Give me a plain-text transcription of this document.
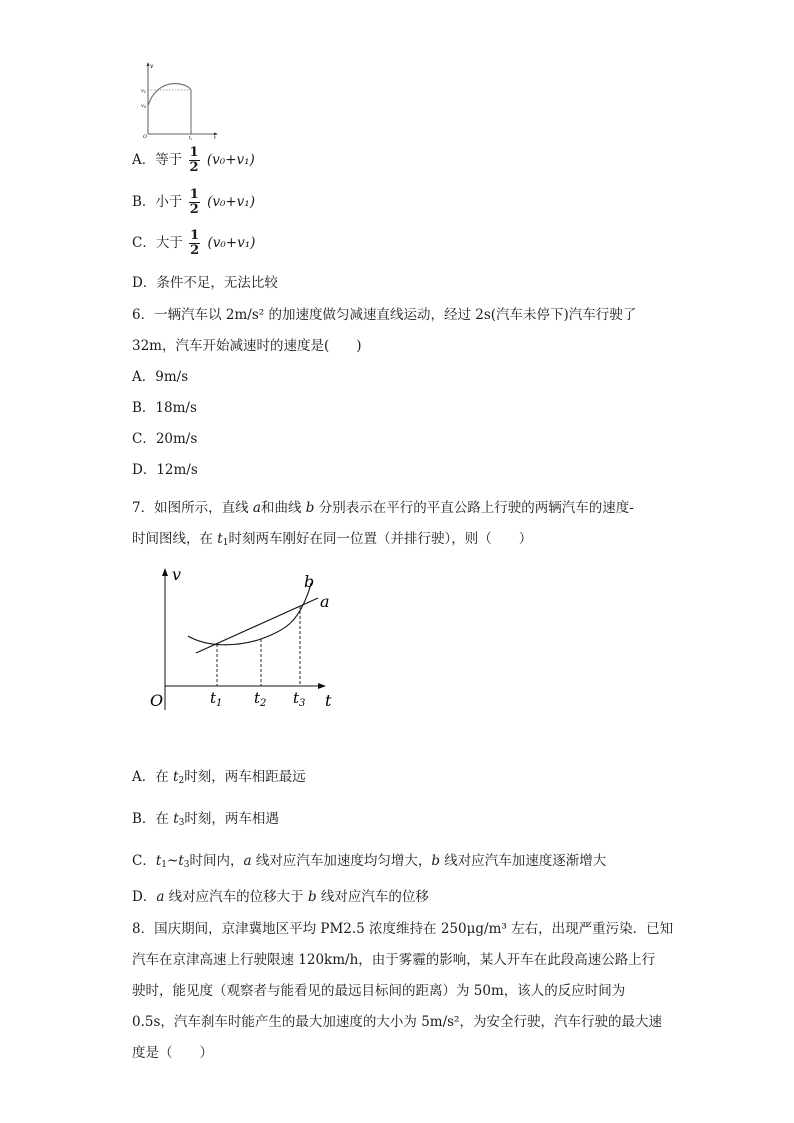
v
$v_1$
$v_0$
O	$t_1$	t
A．等于 $\frac{1}{2} (v_0+v_1)$
B．小于 $\frac{1}{2} (v_0+v_1)$
C．大于 $\frac{1}{2} (v_0+v_1)$
D．条件不足，无法比较
6．一辆汽车以 2m/s² 的加速度做匀减速直线运动，经过 2s(汽车未停下)汽车行驶了
32m，汽车开始减速时的速度是(　　)
A．9m/s
B．18m/s
C．20m/s
D．12m/s
7．如图所示，直线 a和曲线 b 分别表示在平行的平直公路上行驶的两辆汽车的速度-
时间图线，在 $t_1$时刻两车刚好在同一位置（并排行驶），则（　　）
v	b
a
O	$t_1$ $t_2$ $t_3$ t
A．在 $t_2$时刻，两车相距最远
B．在 $t_3$时刻，两车相遇
C．$t_1\sim t_3$时间内，a 线对应汽车加速度均匀增大，b 线对应汽车加速度逐渐增大
D．a 线对应汽车的位移大于 b 线对应汽车的位移
8．国庆期间，京津冀地区平均 PM2.5 浓度维持在 250μg/m³ 左右，出现严重污染．已知
汽车在京津高速上行驶限速 120km/h，由于雾霾的影响，某人开车在此段高速公路上行
驶时，能见度（观察者与能看见的最远目标间的距离）为 50m，该人的反应时间为
0.5s，汽车刹车时能产生的最大加速度的大小为 5m/s²，为安全行驶，汽车行驶的最大速
度是（　　）
